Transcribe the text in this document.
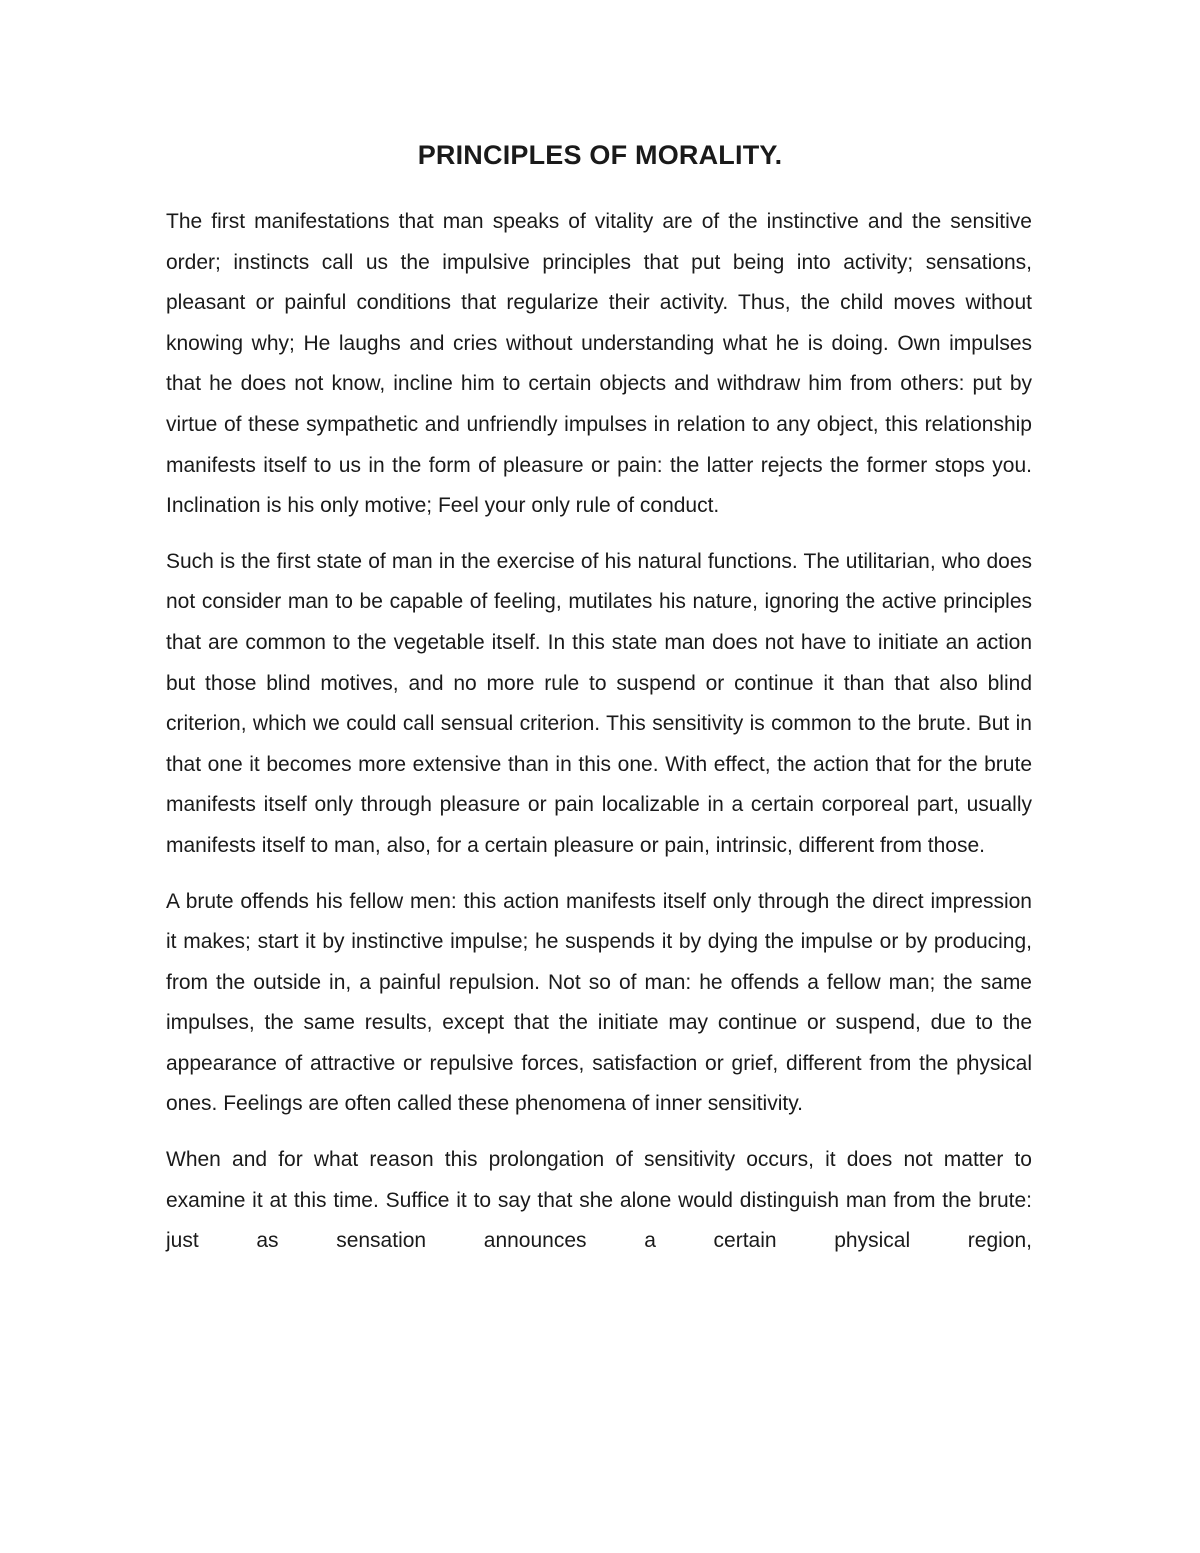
PRINCIPLES OF MORALITY.

The first manifestations that man speaks of vitality are of the instinctive and the sensitive order; instincts call us the impulsive principles that put being into activity; sensations, pleasant or painful conditions that regularize their activity. Thus, the child moves without knowing why; He laughs and cries without understanding what he is doing. Own impulses that he does not know, incline him to certain objects and withdraw him from others: put by virtue of these sympathetic and unfriendly impulses in relation to any object, this relationship manifests itself to us in the form of pleasure or pain: the latter rejects the former stops you. Inclination is his only motive; Feel your only rule of conduct.

Such is the first state of man in the exercise of his natural functions. The utilitarian, who does not consider man to be capable of feeling, mutilates his nature, ignoring the active principles that are common to the vegetable itself. In this state man does not have to initiate an action but those blind motives, and no more rule to suspend or continue it than that also blind criterion, which we could call sensual criterion. This sensitivity is common to the brute. But in that one it becomes more extensive than in this one. With effect, the action that for the brute manifests itself only through pleasure or pain localizable in a certain corporeal part, usually manifests itself to man, also, for a certain pleasure or pain, intrinsic, different from those.

A brute offends his fellow men: this action manifests itself only through the direct impression it makes; start it by instinctive impulse; he suspends it by dying the impulse or by producing, from the outside in, a painful repulsion. Not so of man: he offends a fellow man; the same impulses, the same results, except that the initiate may continue or suspend, due to the appearance of attractive or repulsive forces, satisfaction or grief, different from the physical ones. Feelings are often called these phenomena of inner sensitivity.

When and for what reason this prolongation of sensitivity occurs, it does not matter to examine it at this time. Suffice it to say that she alone would distinguish man from the brute: just as sensation announces a certain physical region,
